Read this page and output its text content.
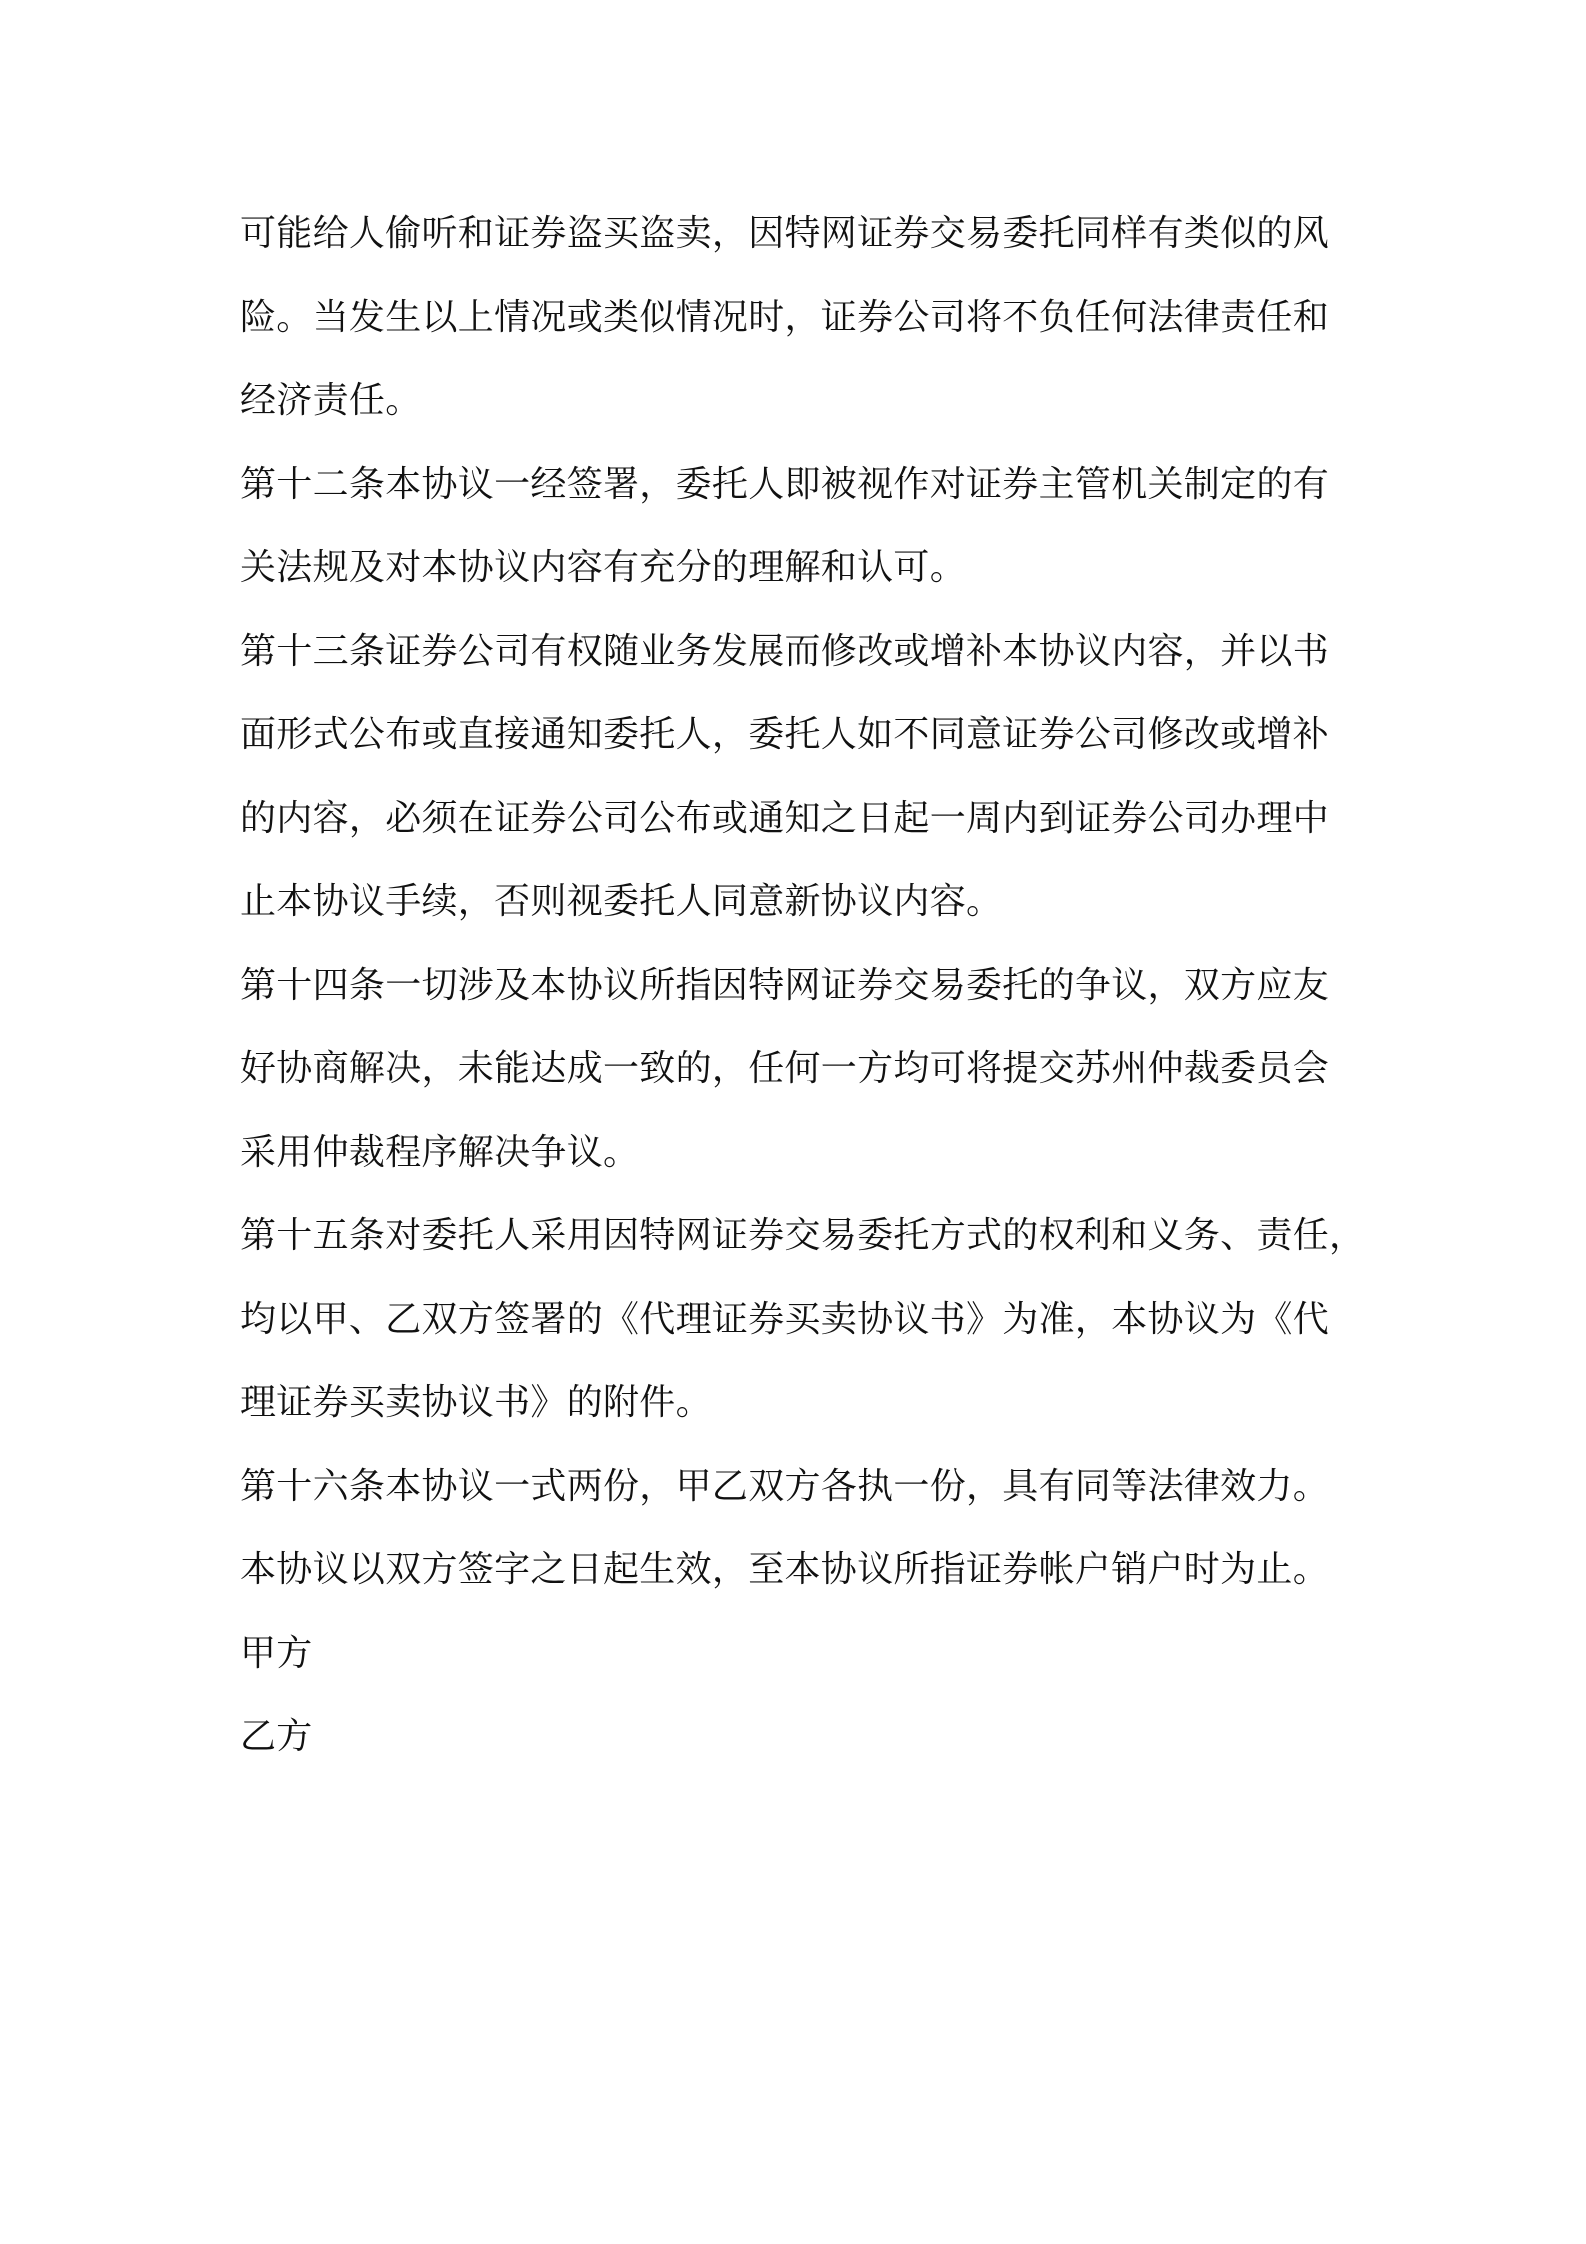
可能给人偷听和证券盗买盗卖，因特网证券交易委托同样有类似的风
险。当发生以上情况或类似情况时，证券公司将不负任何法律责任和
经济责任。
第十二条本协议一经签署，委托人即被视作对证券主管机关制定的有
关法规及对本协议内容有充分的理解和认可。
第十三条证券公司有权随业务发展而修改或增补本协议内容，并以书
面形式公布或直接通知委托人，委托人如不同意证券公司修改或增补
的内容，必须在证券公司公布或通知之日起一周内到证券公司办理中
止本协议手续，否则视委托人同意新协议内容。
第十四条一切涉及本协议所指因特网证券交易委托的争议，双方应友
好协商解决，未能达成一致的，任何一方均可将提交苏州仲裁委员会
采用仲裁程序解决争议。
第十五条对委托人采用因特网证券交易委托方式的权利和义务、责任，
均以甲、乙双方签署的《代理证券买卖协议书》为准，本协议为《代
理证券买卖协议书》的附件。
第十六条本协议一式两份，甲乙双方各执一份，具有同等法律效力。
本协议以双方签字之日起生效，至本协议所指证券帐户销户时为止。
甲方
乙方
